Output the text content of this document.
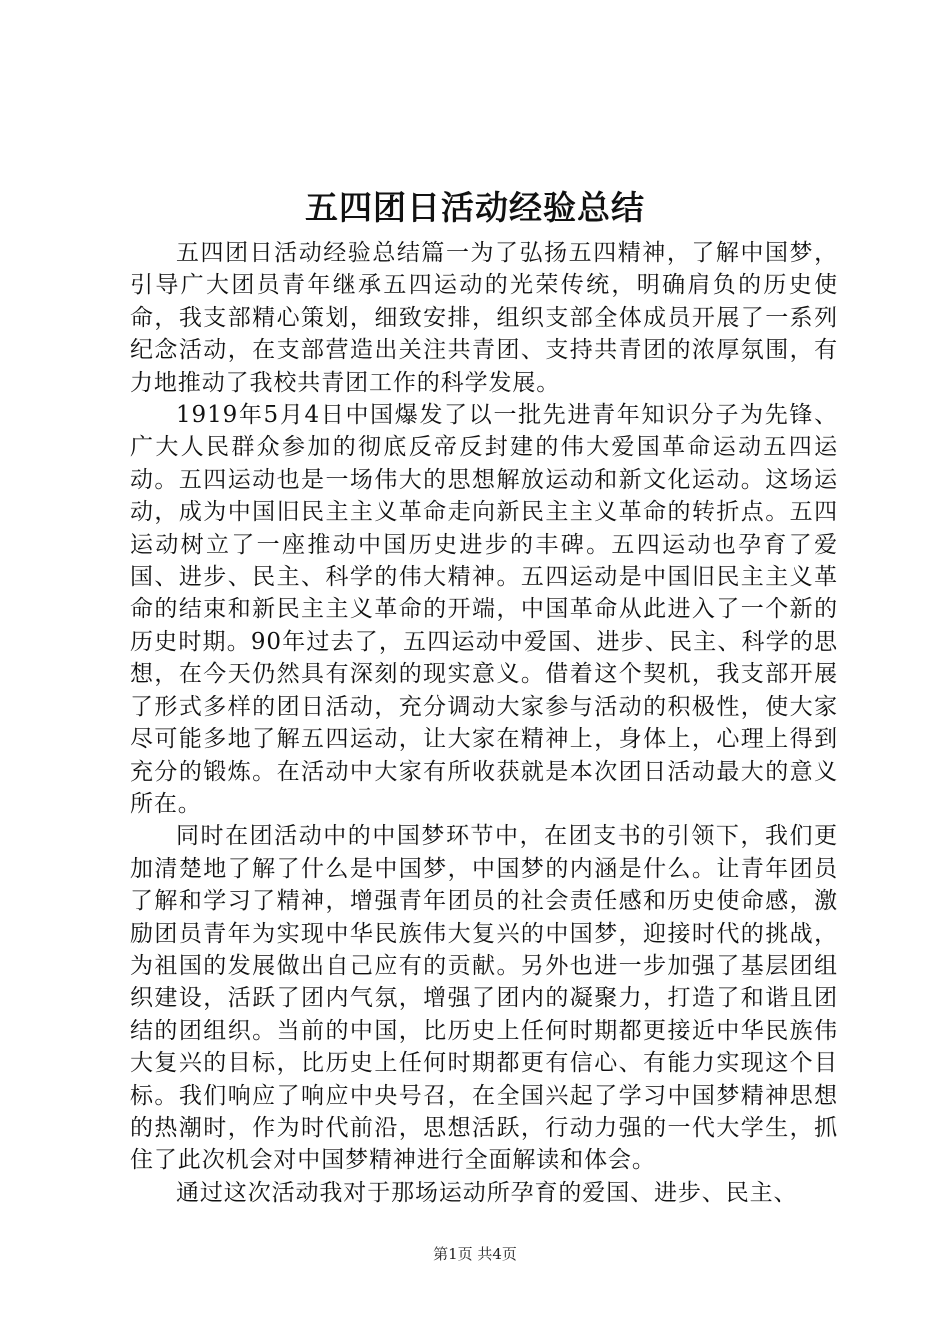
五四团日活动经验总结

五四团日活动经验总结篇一为了弘扬五四精神，了解中国梦，引导广大团员青年继承五四运动的光荣传统，明确肩负的历史使命，我支部精心策划，细致安排，组织支部全体成员开展了一系列纪念活动，在支部营造出关注共青团、支持共青团的浓厚氛围，有力地推动了我校共青团工作的科学发展。

1919年5月4日中国爆发了以一批先进青年知识分子为先锋、广大人民群众参加的彻底反帝反封建的伟大爱国革命运动五四运动。五四运动也是一场伟大的思想解放运动和新文化运动。这场运动，成为中国旧民主主义革命走向新民主主义革命的转折点。五四运动树立了一座推动中国历史进步的丰碑。五四运动也孕育了爱国、进步、民主、科学的伟大精神。五四运动是中国旧民主主义革命的结束和新民主主义革命的开端，中国革命从此进入了一个新的历史时期。90年过去了，五四运动中爱国、进步、民主、科学的思想，在今天仍然具有深刻的现实意义。借着这个契机，我支部开展了形式多样的团日活动，充分调动大家参与活动的积极性，使大家尽可能多地了解五四运动，让大家在精神上，身体上，心理上得到充分的锻炼。在活动中大家有所收获就是本次团日活动最大的意义所在。

同时在团活动中的中国梦环节中，在团支书的引领下，我们更加清楚地了解了什么是中国梦，中国梦的内涵是什么。让青年团员了解和学习了精神，增强青年团员的社会责任感和历史使命感，激励团员青年为实现中华民族伟大复兴的中国梦，迎接时代的挑战，为祖国的发展做出自己应有的贡献。另外也进一步加强了基层团组织建设，活跃了团内气氛，增强了团内的凝聚力，打造了和谐且团结的团组织。当前的中国，比历史上任何时期都更接近中华民族伟大复兴的目标，比历史上任何时期都更有信心、有能力实现这个目标。我们响应了响应中央号召，在全国兴起了学习中国梦精神思想的热潮时，作为时代前沿，思想活跃，行动力强的一代大学生，抓住了此次机会对中国梦精神进行全面解读和体会。

通过这次活动我对于那场运动所孕育的爱国、进步、民主、

第1页 共4页
